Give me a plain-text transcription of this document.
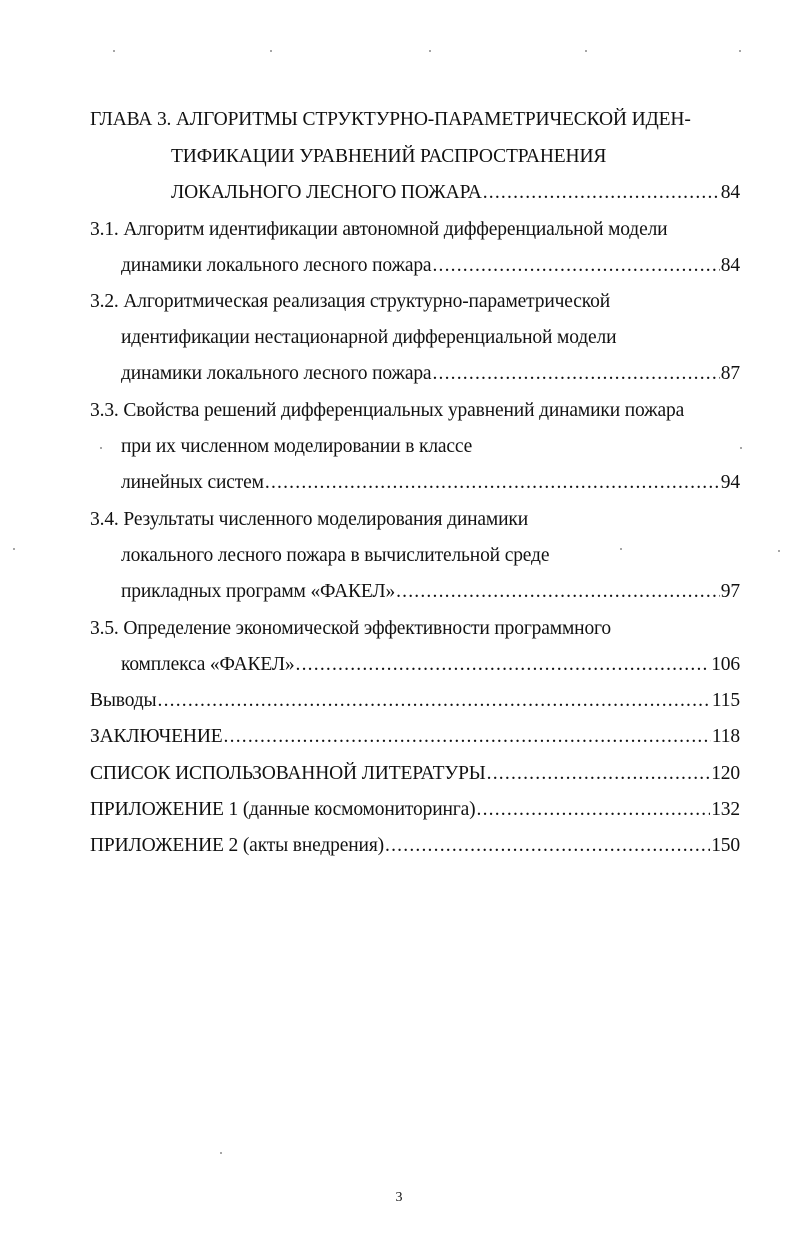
ГЛАВА 3. АЛГОРИТМЫ СТРУКТУРНО-ПАРАМЕТРИЧЕСКОЙ ИДЕН-
ТИФИКАЦИИ УРАВНЕНИЙ РАСПРОСТРАНЕНИЯ
ЛОКАЛЬНОГО ЛЕСНОГО ПОЖАРА .....	84
3.1. Алгоритм идентификации автономной дифференциальной модели
динамики локального лесного пожара .....	84
3.2. Алгоритмическая реализация структурно-параметрической
идентификации нестационарной дифференциальной модели
динамики локального лесного пожара .....	87
3.3. Свойства решений дифференциальных уравнений динамики пожара
при их численном моделировании в классе
линейных систем .....	94
3.4. Результаты численного моделирования динамики
локального лесного пожара в вычислительной среде
прикладных программ «ФАКЕЛ» .....	97
3.5. Определение экономической эффективности программного
комплекса «ФАКЕЛ» .....	106
Выводы .....	115
ЗАКЛЮЧЕНИЕ .....	118
СПИСОК ИСПОЛЬЗОВАННОЙ ЛИТЕРАТУРЫ .....	120
ПРИЛОЖЕНИЕ 1 (данные космомониторинга) .....	132
ПРИЛОЖЕНИЕ 2 (акты внедрения) .....	150
3
